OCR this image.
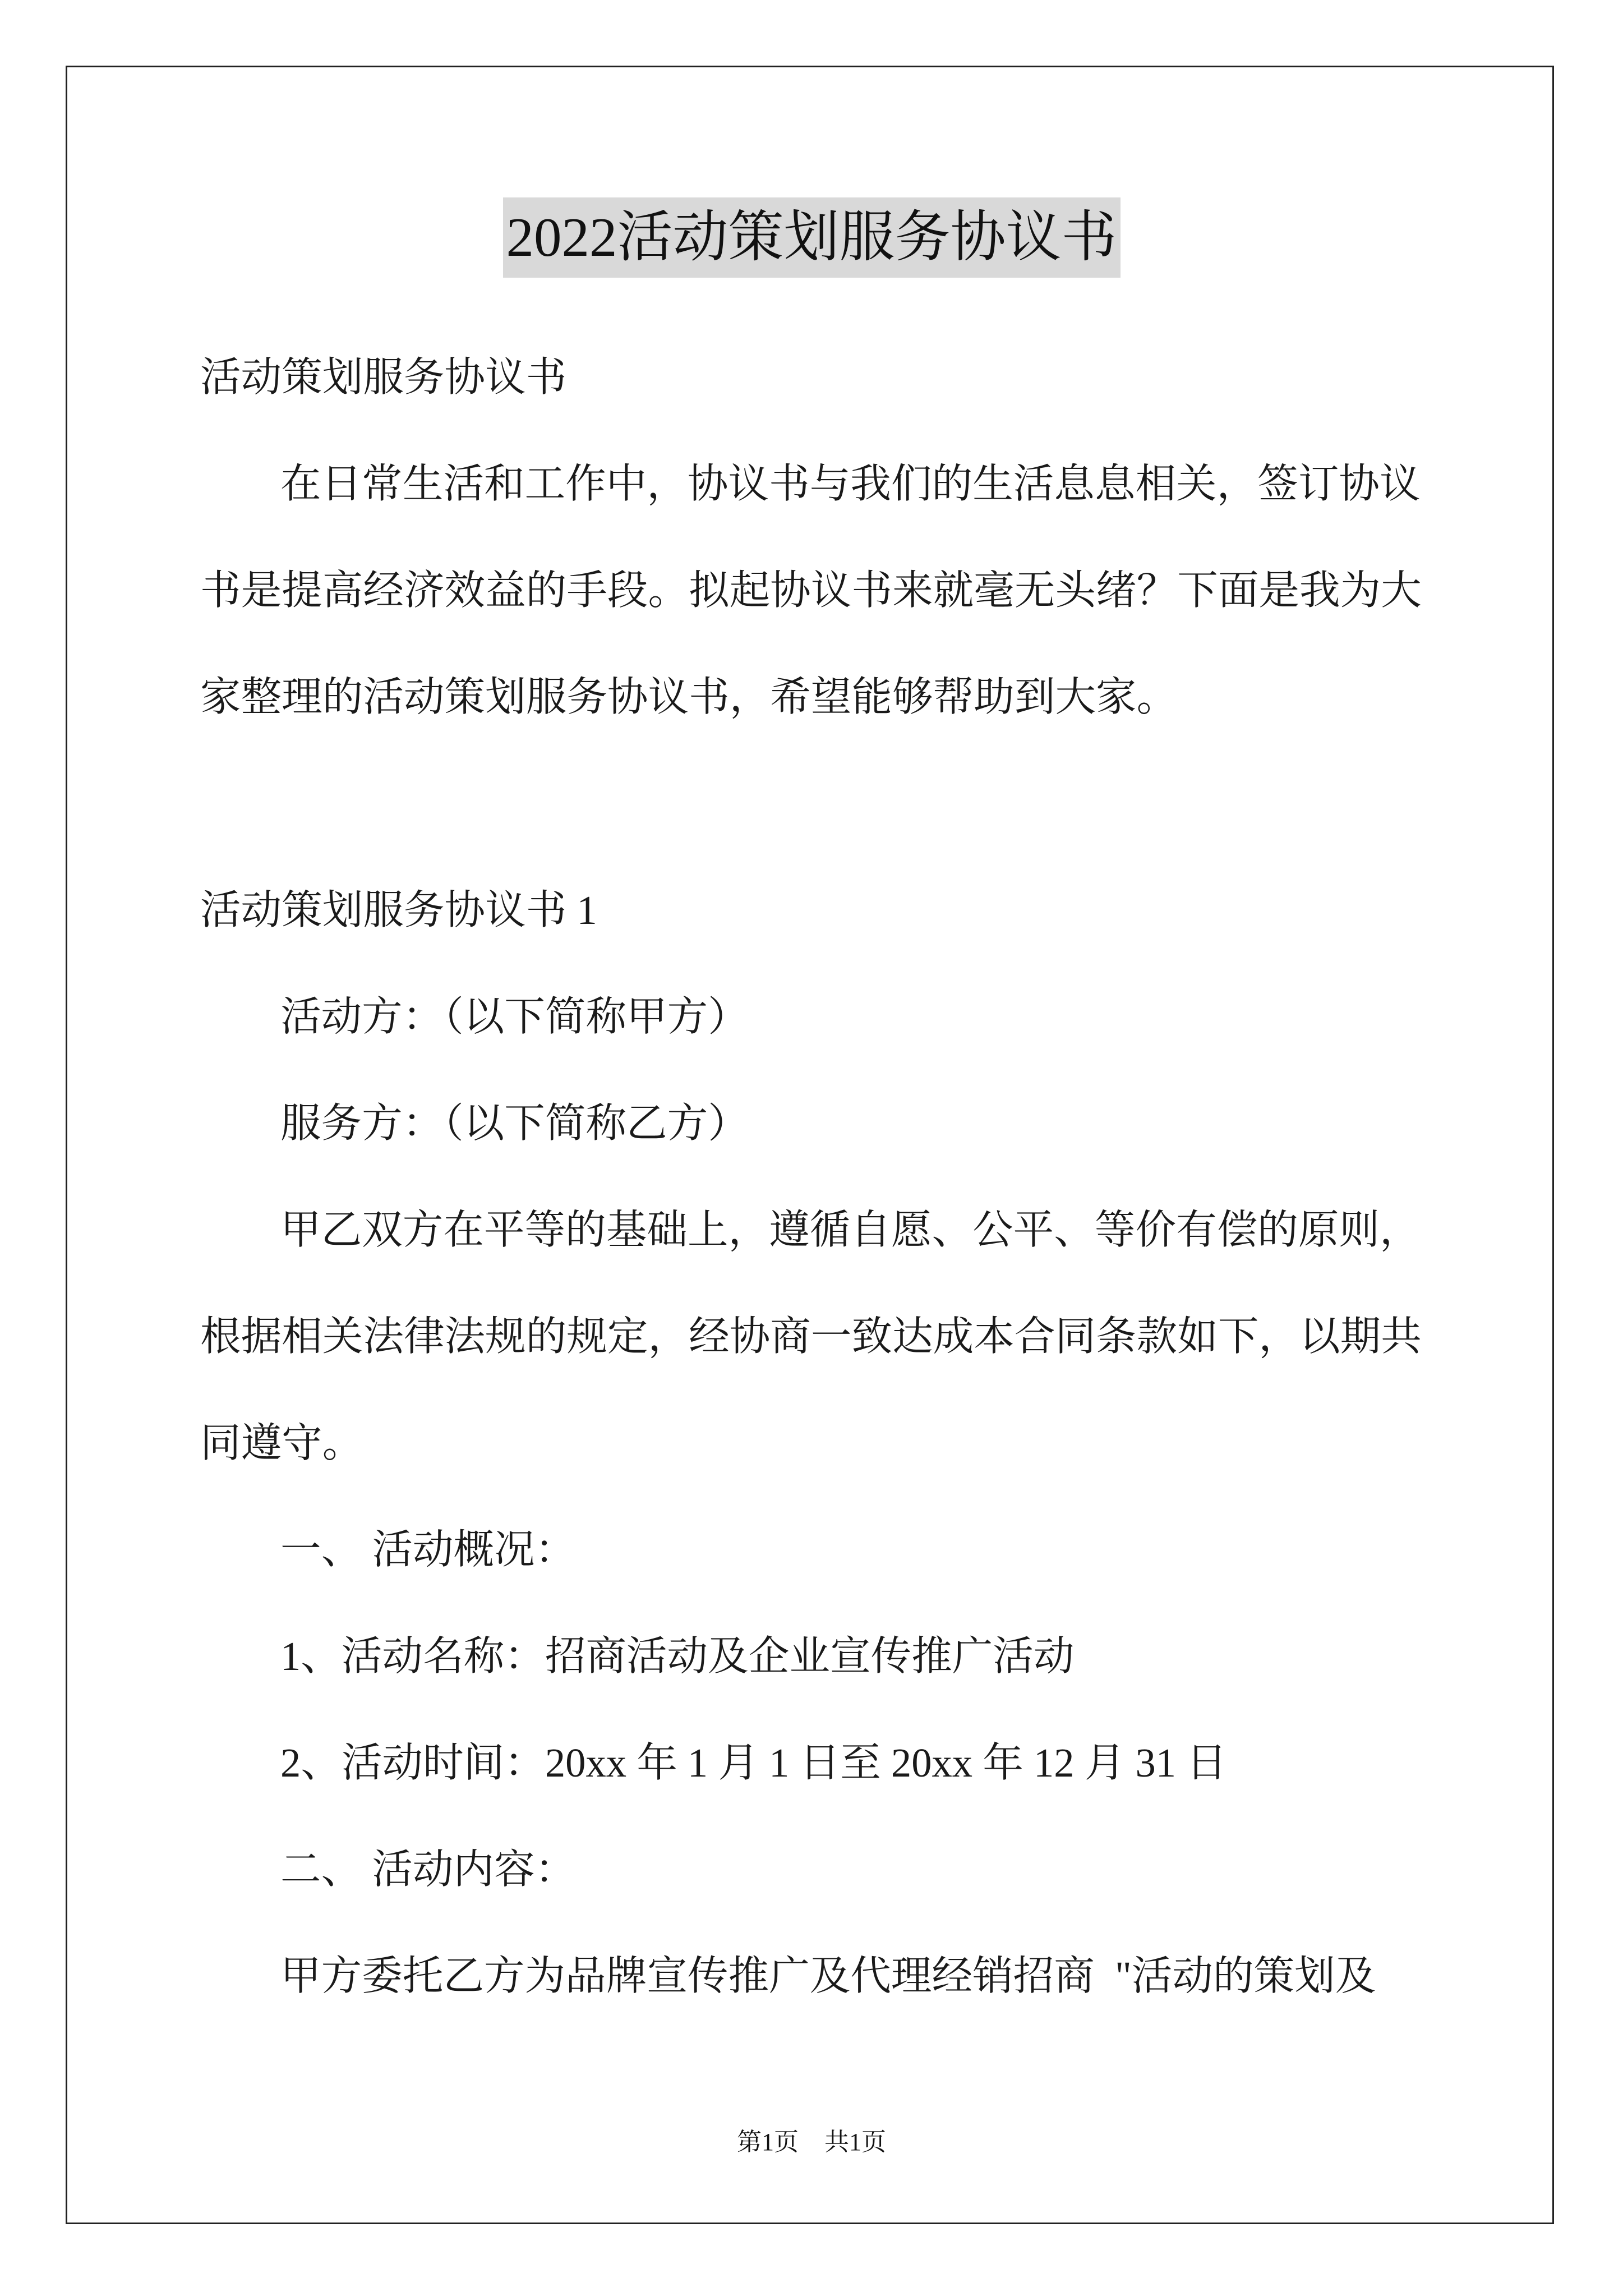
2022活动策划服务协议书
活动策划服务协议书
在日常生活和工作中，协议书与我们的生活息息相关，签订协议
书是提高经济效益的手段。拟起协议书来就毫无头绪？下面是我为大
家整理的活动策划服务协议书，希望能够帮助到大家。
活动策划服务协议书 1
活动方：（以下简称甲方）
服务方：（以下简称乙方）
甲乙双方在平等的基础上，遵循自愿、公平、等价有偿的原则，
根据相关法律法规的规定，经协商一致达成本合同条款如下，以期共
同遵守。
一、 活动概况：
1、活动名称：招商活动及企业宣传推广活动
2、活动时间：20xx 年 1 月 1 日至 20xx 年 12 月 31 日
二、 活动内容：
甲方委托乙方为品牌宣传推广及代理经销招商  "活动的策划及
第1页 共1页
